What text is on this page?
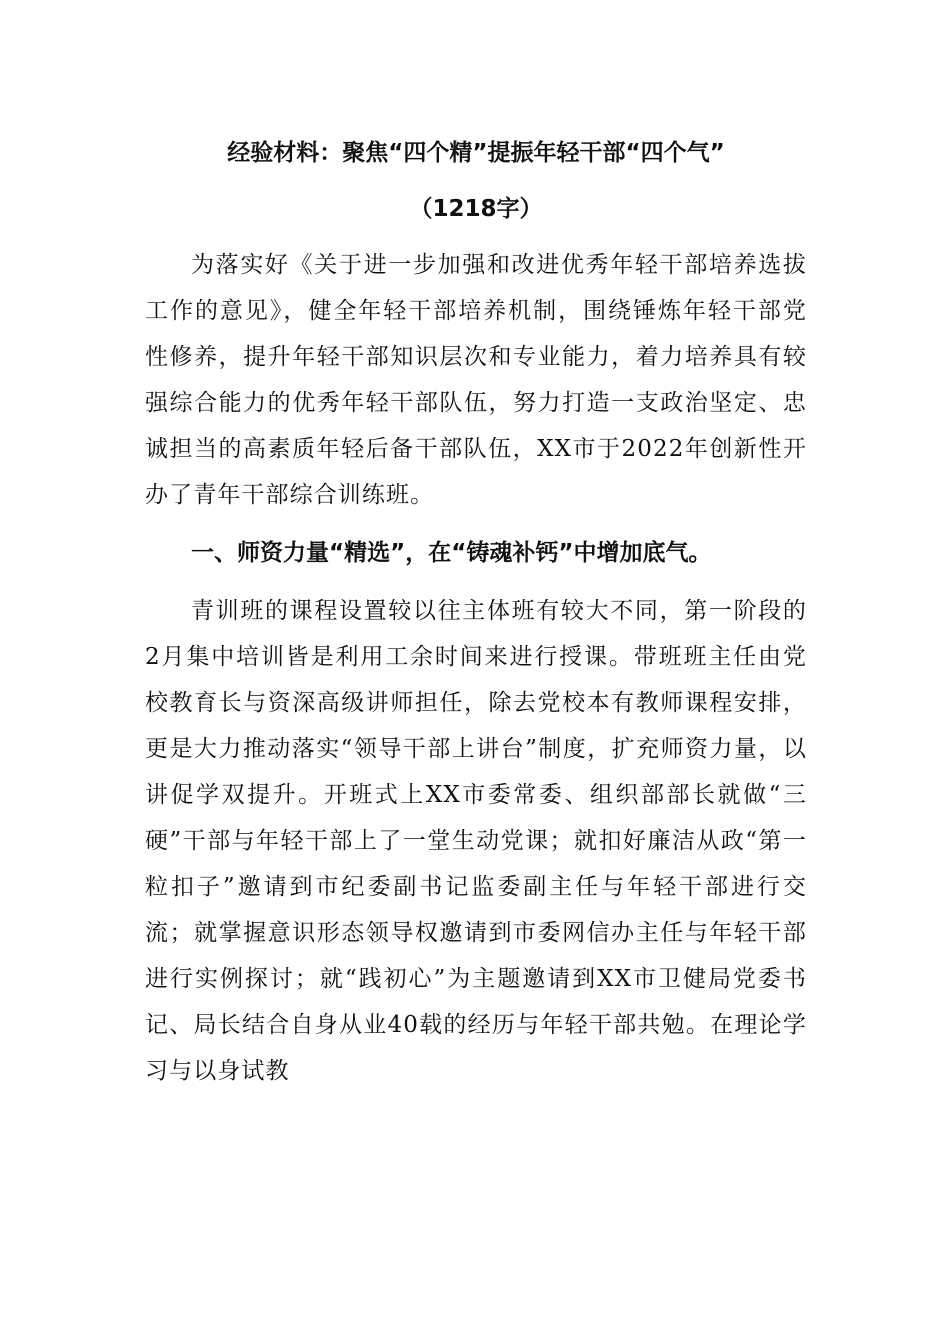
经验材料：聚焦“四个精”提振年轻干部“四个气”
（1218字）

为落实好《关于进一步加强和改进优秀年轻干部培养选拔工作的意见》，健全年轻干部培养机制，围绕锤炼年轻干部党性修养，提升年轻干部知识层次和专业能力，着力培养具有较强综合能力的优秀年轻干部队伍，努力打造一支政治坚定、忠诚担当的高素质年轻后备干部队伍，XX市于2022年创新性开办了青年干部综合训练班。

一、师资力量“精选”，在“铸魂补钙”中增加底气。

青训班的课程设置较以往主体班有较大不同，第一阶段的2月集中培训皆是利用工余时间来进行授课。带班班主任由党校教育长与资深高级讲师担任，除去党校本有教师课程安排，更是大力推动落实“领导干部上讲台”制度，扩充师资力量，以讲促学双提升。开班式上XX市委常委、组织部部长就做“三硬”干部与年轻干部上了一堂生动党课；就扣好廉洁从政“第一粒扣子”邀请到市纪委副书记监委副主任与年轻干部进行交流；就掌握意识形态领导权邀请到市委网信办主任与年轻干部进行实例探讨；就“践初心”为主题邀请到XX市卫健局党委书记、局长结合自身从业40载的经历与年轻干部共勉。在理论学习与以身试教
